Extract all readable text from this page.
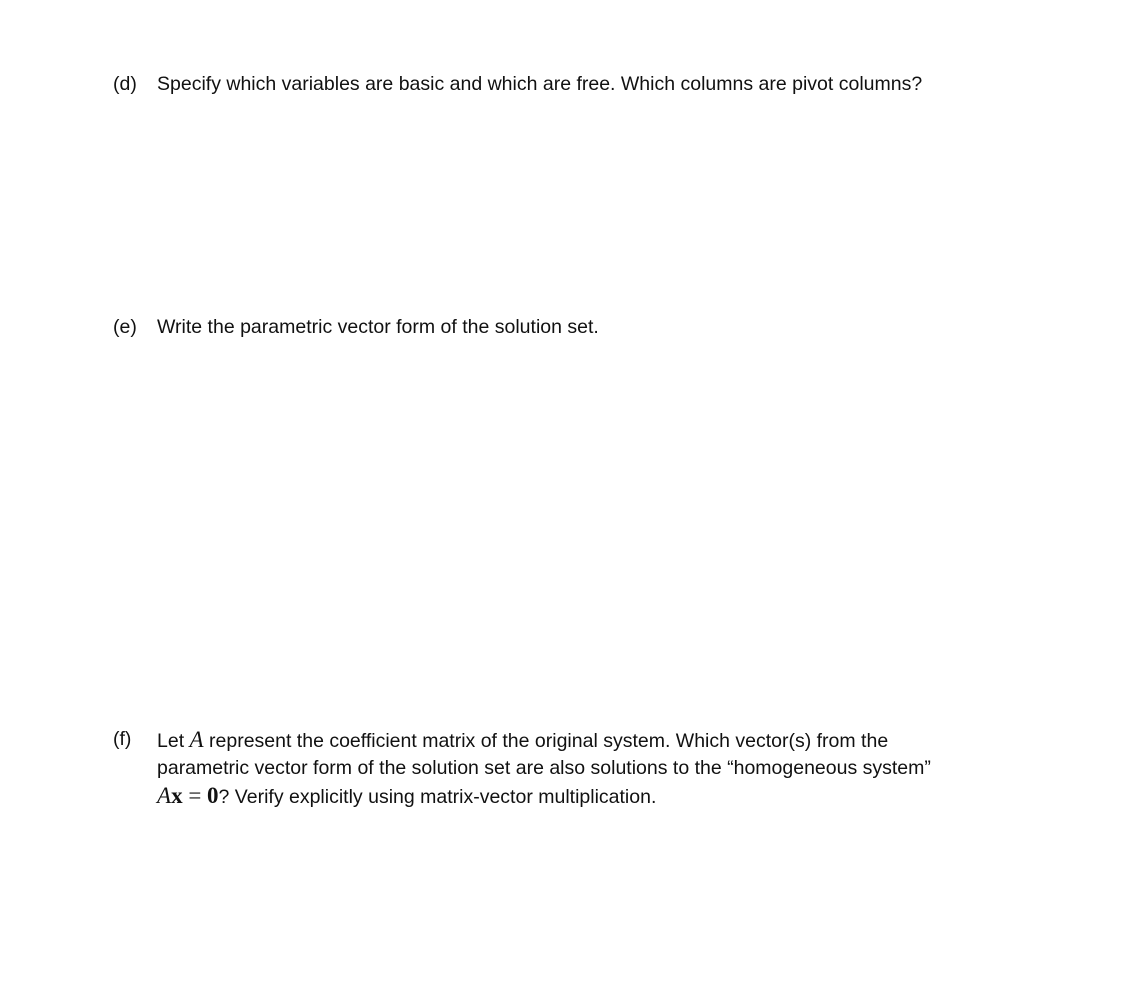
(d) Specify which variables are basic and which are free. Which columns are pivot columns?
(e) Write the parametric vector form of the solution set.
(f) Let A represent the coefficient matrix of the original system. Which vector(s) from the
parametric vector form of the solution set are also solutions to the “homogeneous system”
Ax = 0? Verify explicitly using matrix-vector multiplication.
